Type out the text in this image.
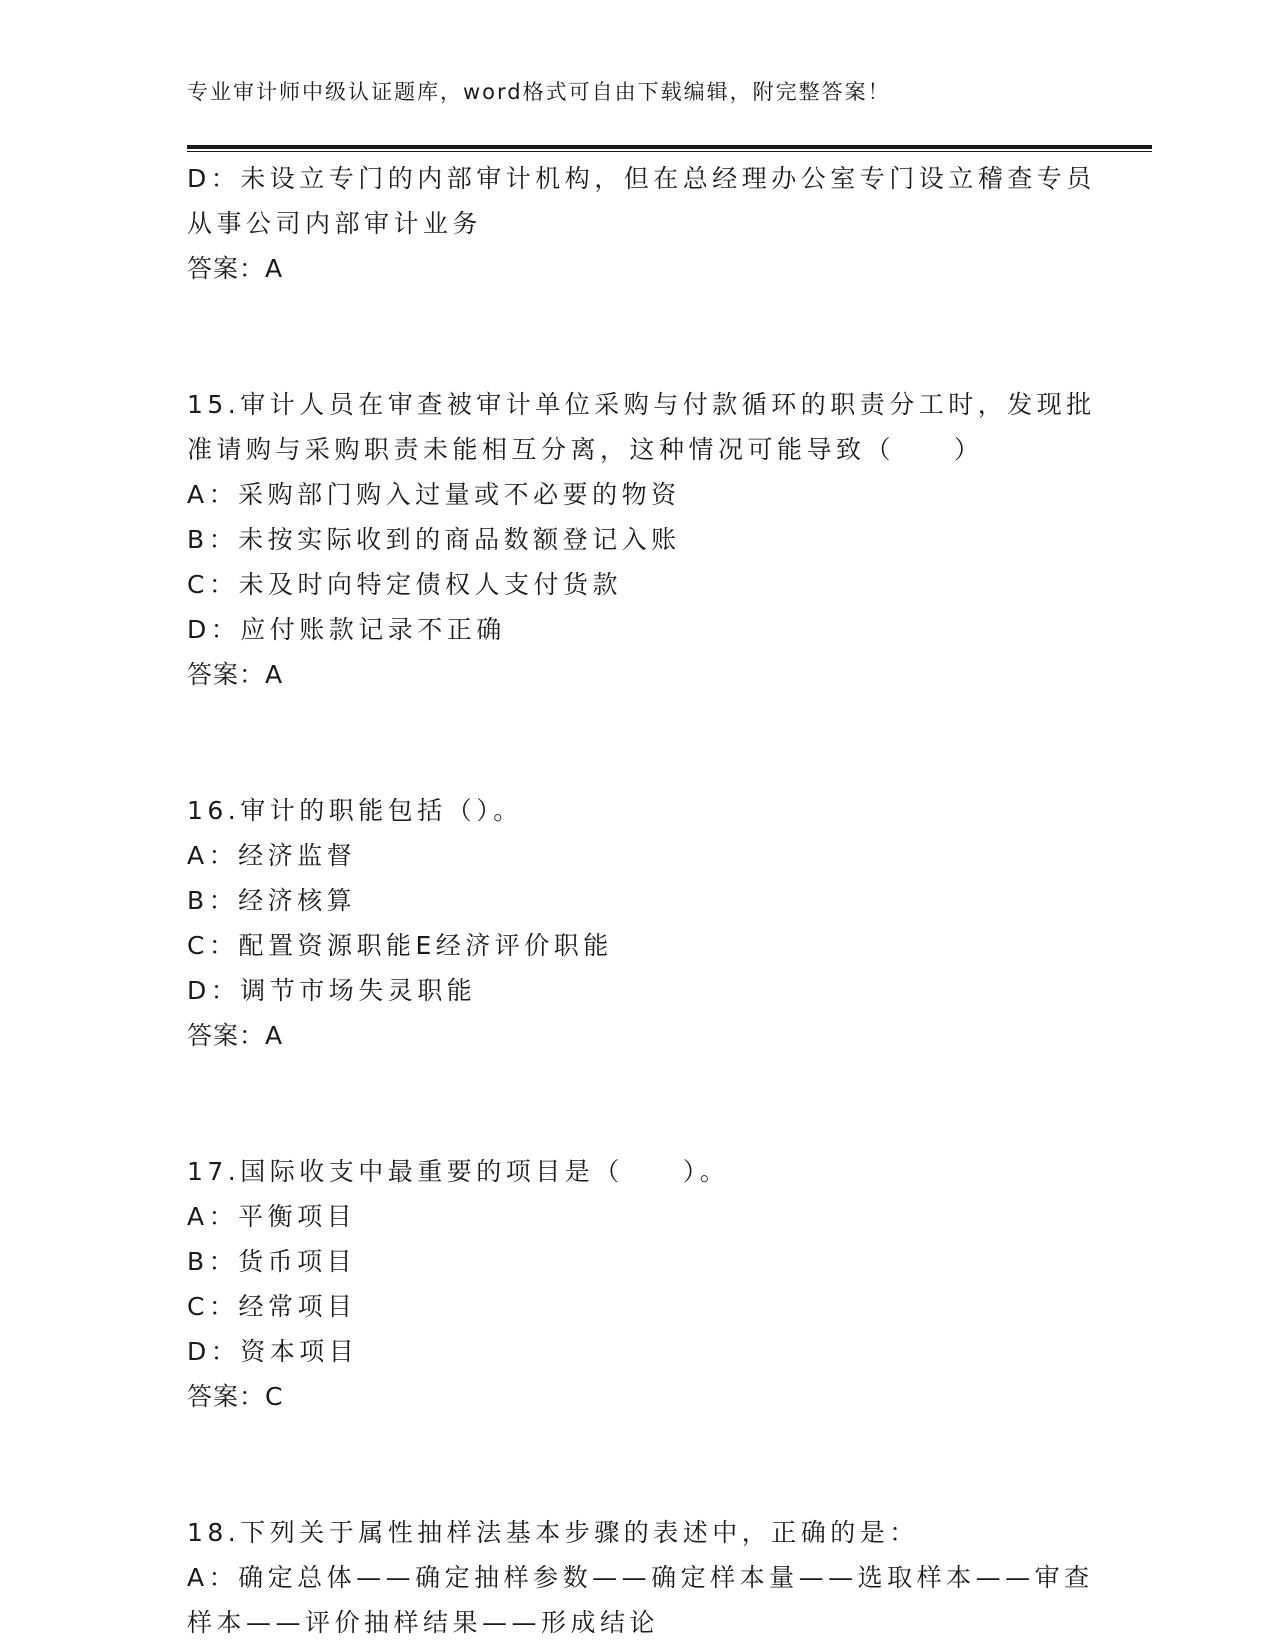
专业审计师中级认证题库，word格式可自由下载编辑，附完整答案！
D：未设立专门的内部审计机构，但在总经理办公室专门设立稽查专员
从事公司内部审计业务
答案：A
15.审计人员在审查被审计单位采购与付款循环的职责分工时，发现批
准请购与采购职责未能相互分离，这种情况可能导致（　　）
A：采购部门购入过量或不必要的物资
B：未按实际收到的商品数额登记入账
C：未及时向特定债权人支付货款
D：应付账款记录不正确
答案：A
16.审计的职能包括（）。
A：经济监督
B：经济核算
C：配置资源职能E经济评价职能
D：调节市场失灵职能
答案：A
17.国际收支中最重要的项目是（　　）。
A：平衡项目
B：货币项目
C：经常项目
D：资本项目
答案：C
18.下列关于属性抽样法基本步骤的表述中，正确的是：
A：确定总体——确定抽样参数——确定样本量——选取样本——审查
样本——评价抽样结果——形成结论
